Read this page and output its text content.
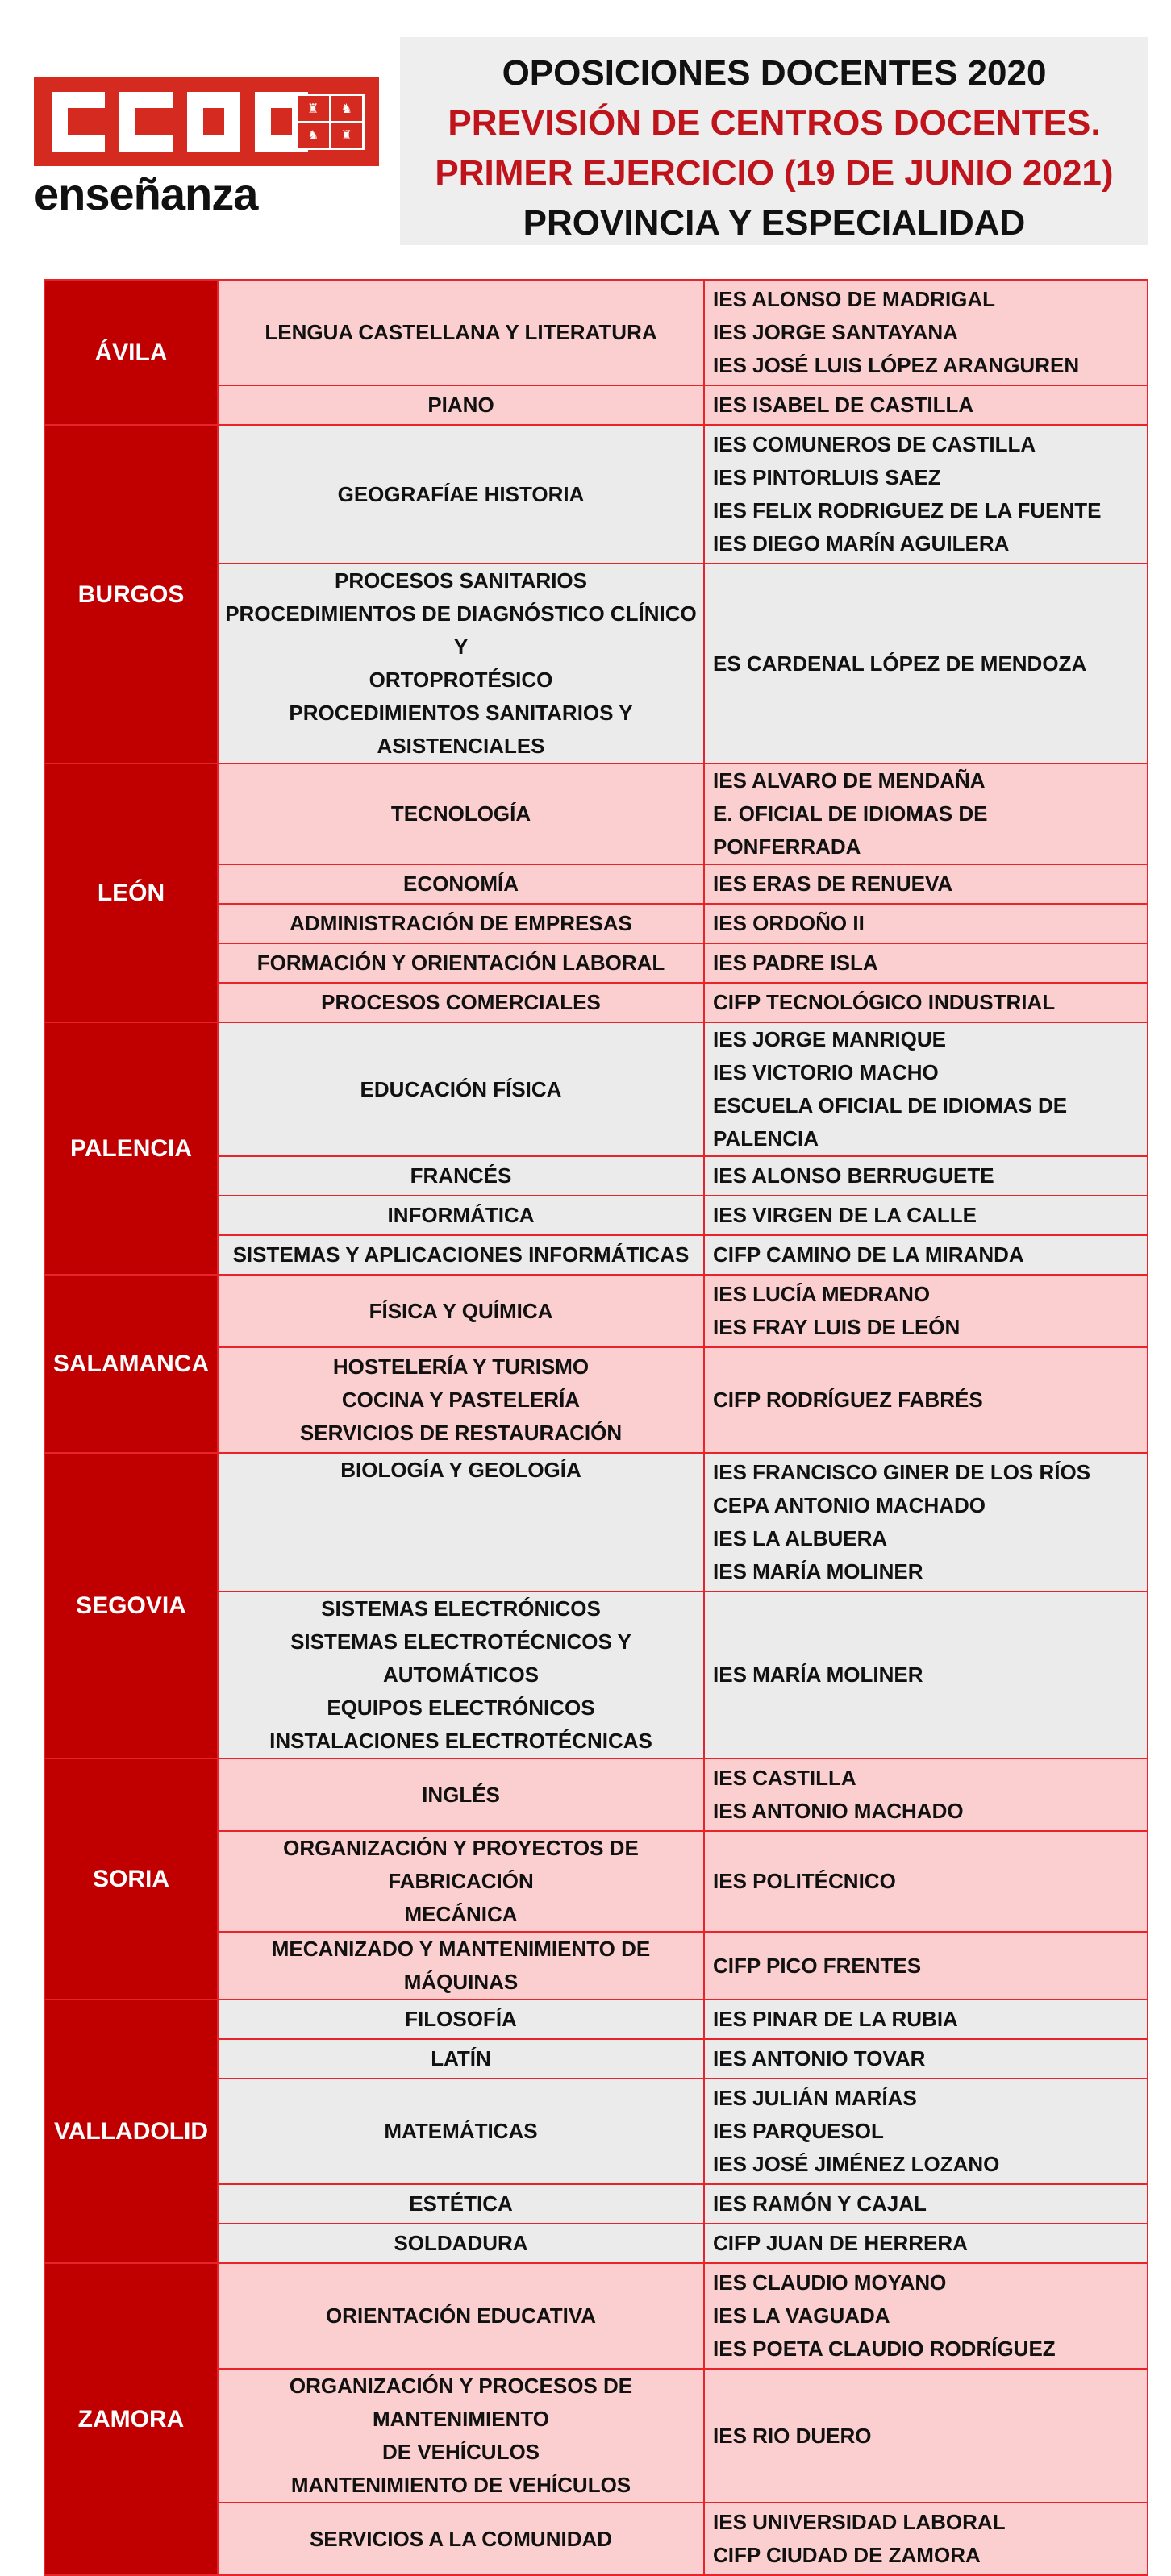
♜	♞
♞	♜
enseñanza
OPOSICIONES DOCENTES 2020
PREVISIÓN DE CENTROS DOCENTES.
PRIMER EJERCICIO (19 DE JUNIO 2021)
PROVINCIA Y ESPECIALIDAD
ÁVILA	LENGUA CASTELLANA Y LITERATURA	IES ALONSO DE MADRIGAL
IES JORGE SANTAYANA
IES JOSÉ LUIS LÓPEZ ARANGUREN

	PIANO	IES ISABEL DE CASTILLA

BURGOS	GEOGRAFÍAE HISTORIA	IES COMUNEROS DE CASTILLA
IES PINTORLUIS SAEZ
IES FELIX RODRIGUEZ DE LA FUENTE
IES DIEGO MARÍN AGUILERA

	PROCESOS SANITARIOS
PROCEDIMIENTOS DE DIAGNÓSTICO CLÍNICO Y
ORTOPROTÉSICO
PROCEDIMIENTOS SANITARIOS Y ASISTENCIALES	ES CARDENAL LÓPEZ DE MENDOZA

LEÓN	TECNOLOGÍA	IES ALVARO DE MENDAÑA
E. OFICIAL DE IDIOMAS DE PONFERRADA

	ECONOMÍA	IES ERAS DE RENUEVA

	ADMINISTRACIÓN DE EMPRESAS	IES ORDOÑO II

	FORMACIÓN Y ORIENTACIÓN LABORAL	IES PADRE ISLA

	PROCESOS COMERCIALES	CIFP TECNOLÓGICO INDUSTRIAL

PALENCIA	EDUCACIÓN FÍSICA	IES JORGE MANRIQUE
IES VICTORIO MACHO
ESCUELA OFICIAL DE IDIOMAS DE PALENCIA

	FRANCÉS	IES ALONSO BERRUGUETE

	INFORMÁTICA	IES VIRGEN DE LA CALLE

	SISTEMAS Y APLICACIONES INFORMÁTICAS	CIFP CAMINO DE LA MIRANDA

SALAMANCA	FÍSICA Y QUÍMICA	IES LUCÍA MEDRANO
IES FRAY LUIS DE LEÓN

	HOSTELERÍA Y TURISMO
COCINA Y PASTELERÍA
SERVICIOS DE RESTAURACIÓN	CIFP RODRÍGUEZ FABRÉS

SEGOVIA	BIOLOGÍA Y GEOLOGÍA	IES FRANCISCO GINER DE LOS RÍOS
CEPA ANTONIO MACHADO
IES LA ALBUERA
IES MARÍA MOLINER

	SISTEMAS ELECTRÓNICOS
SISTEMAS ELECTROTÉCNICOS Y AUTOMÁTICOS
EQUIPOS ELECTRÓNICOS
INSTALACIONES ELECTROTÉCNICAS	IES MARÍA MOLINER

SORIA	INGLÉS	IES CASTILLA
IES ANTONIO MACHADO

	ORGANIZACIÓN Y PROYECTOS DE FABRICACIÓN
MECÁNICA	IES POLITÉCNICO

	MECANIZADO Y MANTENIMIENTO DE MÁQUINAS	CIFP PICO FRENTES

VALLADOLID	FILOSOFÍA	IES PINAR DE LA RUBIA

	LATÍN	IES ANTONIO TOVAR

	MATEMÁTICAS	IES JULIÁN MARÍAS
IES PARQUESOL
IES JOSÉ JIMÉNEZ LOZANO

	ESTÉTICA	IES RAMÓN Y CAJAL

	SOLDADURA	CIFP JUAN DE HERRERA

ZAMORA	ORIENTACIÓN EDUCATIVA	IES CLAUDIO MOYANO
IES LA VAGUADA
IES POETA CLAUDIO RODRÍGUEZ

	ORGANIZACIÓN Y PROCESOS DE MANTENIMIENTO
DE VEHÍCULOS
MANTENIMIENTO DE VEHÍCULOS	IES RIO DUERO

	SERVICIOS A LA COMUNIDAD	IES UNIVERSIDAD LABORAL
CIFP CIUDAD DE ZAMORA
